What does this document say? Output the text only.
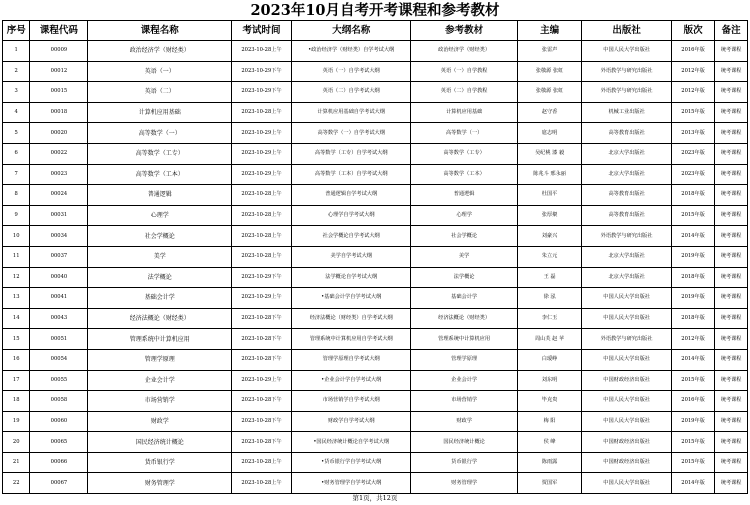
2023年10月自考开考课程和参考教材
序号	课程代码	课程名称	考试时间	大纲名称	参考教材	主编	出版社	版次	备注
1	00009	政治经济学（财经类）	2023-10-28上午	•政治经济学（财经类）自学考试大纲	政治经济学（财经类）	张雷声	中国人民大学出版社	2016年版	统考课程
2	00012	英语（一）	2023-10-29下午	英语（一）自学考试大纲	英语（一）自学教程	张敬源 张虹	外语教学与研究出版社	2012年版	统考课程
3	00015	英语（二）	2023-10-29下午	英语（二）自学考试大纲	英语（二）自学教程	张敬源 张虹	外语教学与研究出版社	2012年版	统考课程
4	00018	计算机应用基础	2023-10-28上午	计算机应用基础自学考试大纲	计算机应用基础	赵守香	机械工业出版社	2015年版	统考课程
5	00020	高等数学（一）	2023-10-29上午	高等数学（一）自学考试大纲	高等数学（一）	扈志明	高等教育出版社	2013年版	统考课程
6	00022	高等数学（工专）	2023-10-29上午	高等数学（工专）自学考试大纲	高等数学（工专）	吴纪桃 漆 毅	北京大学出版社	2023年版	统考课程
7	00023	高等数学（工本）	2023-10-29上午	高等数学（工本）自学考试大纲	高等数学（工本）	陈兆斗 邢永丽	北京大学出版社	2023年版	统考课程
8	00024	普通逻辑	2023-10-28上午	普通逻辑自学考试大纲	普通逻辑	杜国平	高等教育出版社	2018年版	统考课程
9	00031	心理学	2023-10-28上午	心理学自学考试大纲	心理学	张厚粲	高等教育出版社	2015年版	统考课程
10	00034	社会学概论	2023-10-28上午	社会学概论自学考试大纲	社会学概论	刘豪兴	外语教学与研究出版社	2014年版	统考课程
11	00037	美学	2023-10-28上午	美学自学考试大纲	美学	朱立元	北京大学出版社	2019年版	统考课程
12	00040	法学概论	2023-10-29下午	法学概论自学考试大纲	法学概论	王 磊	北京大学出版社	2018年版	统考课程
13	00041	基础会计学	2023-10-29上午	•基础会计学自学考试大纲	基础会计学	徐 泓	中国人民大学出版社	2019年版	统考课程
14	00043	经济法概论（财经类）	2023-10-28下午	经济法概论（财经类）自学考试大纲	经济法概论（财经类）	李仁玉	中国人民大学出版社	2018年版	统考课程
15	00051	管理系统中计算机应用	2023-10-28下午	管理系统中计算机应用自学考试大纲	管理系统中计算机应用	周山芙 赵 苹	外语教学与研究出版社	2012年版	统考课程
16	00054	管理学原理	2023-10-28下午	管理学原理自学考试大纲	管理学原理	白瑷峥	中国人民大学出版社	2014年版	统考课程
17	00055	企业会计学	2023-10-29上午	•企业会计学自学考试大纲	企业会计学	刘东明	中国财政经济出版社	2015年版	统考课程
18	00058	市场营销学	2023-10-28下午	市场营销学自学考试大纲	市场营销学	毕克贵	中国人民大学出版社	2016年版	统考课程
19	00060	财政学	2023-10-28下午	财政学自学考试大纲	财政学	梅 阳	中国人民大学出版社	2019年版	统考课程
20	00065	国民经济统计概论	2023-10-28下午	•国民经济统计概论自学考试大纲	国民经济统计概论	侯 峰	中国财政经济出版社	2015年版	统考课程
21	00066	货币银行学	2023-10-28上午	•货币银行学自学考试大纲	货币银行学	陈雨露	中国财政经济出版社	2015年版	统考课程
22	00067	财务管理学	2023-10-28上午	•财务管理学自学考试大纲	财务管理学	贾国军	中国人民大学出版社	2014年版	统考课程
第1页，共12页
